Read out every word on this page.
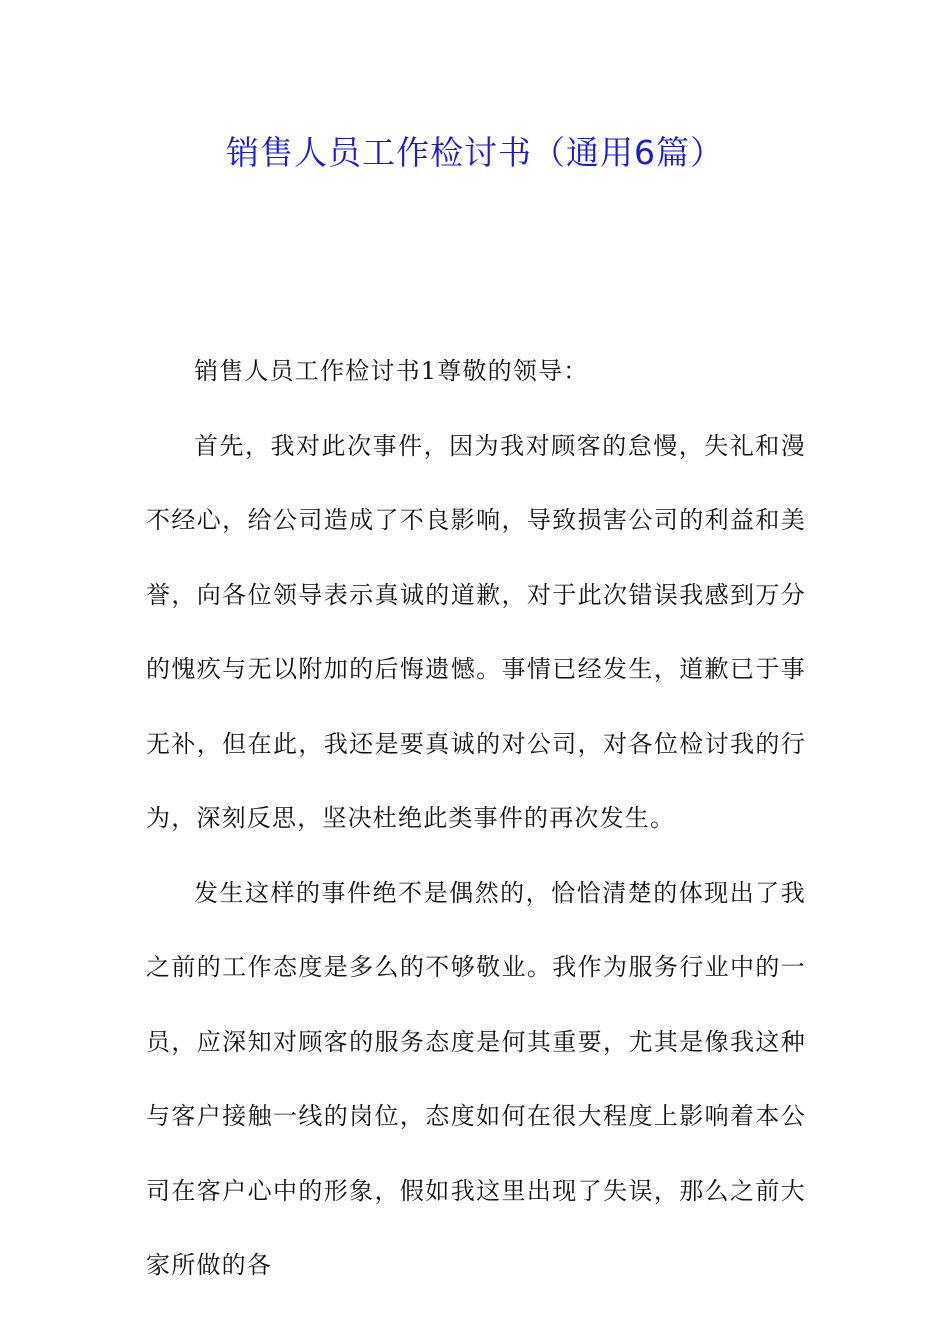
销售人员工作检讨书（通用6篇）

销售人员工作检讨书1尊敬的领导：

首先，我对此次事件，因为我对顾客的怠慢，失礼和漫不经心，给公司造成了不良影响，导致损害公司的利益和美誉，向各位领导表示真诚的道歉，对于此次错误我感到万分的愧疚与无以附加的后悔遗憾。事情已经发生，道歉已于事无补，但在此，我还是要真诚的对公司，对各位检讨我的行为，深刻反思，坚决杜绝此类事件的再次发生。

发生这样的事件绝不是偶然的，恰恰清楚的体现出了我之前的工作态度是多么的不够敬业。我作为服务行业中的一员，应深知对顾客的服务态度是何其重要，尤其是像我这种与客户接触一线的岗位，态度如何在很大程度上影响着本公司在客户心中的形象，假如我这里出现了失误，那么之前大家所做的各
